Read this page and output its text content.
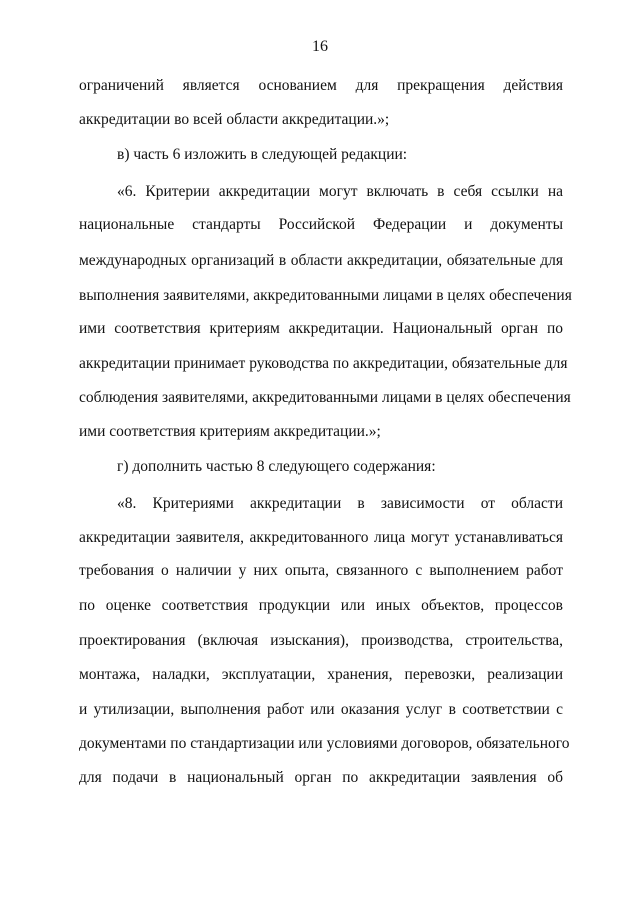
16
ограничений является основанием для прекращения действия
аккредитации во всей области аккредитации.»;
в) часть 6 изложить в следующей редакции:
«6. Критерии аккредитации могут включать в себя ссылки на
национальные стандарты Российской Федерации и документы
международных организаций в области аккредитации, обязательные для
выполнения заявителями, аккредитованными лицами в целях обеспечения
ими соответствия критериям аккредитации. Национальный орган по
аккредитации принимает руководства по аккредитации, обязательные для
соблюдения заявителями, аккредитованными лицами в целях обеспечения
ими соответствия критериям аккредитации.»;
г) дополнить частью 8 следующего содержания:
«8. Критериями аккредитации в зависимости от области
аккредитации заявителя, аккредитованного лица могут устанавливаться
требования о наличии у них опыта, связанного с выполнением работ
по оценке соответствия продукции или иных объектов, процессов
проектирования (включая изыскания), производства, строительства,
монтажа, наладки, эксплуатации, хранения, перевозки, реализации
и утилизации, выполнения работ или оказания услуг в соответствии с
документами по стандартизации или условиями договоров, обязательного
для подачи в национальный орган по аккредитации заявления об
